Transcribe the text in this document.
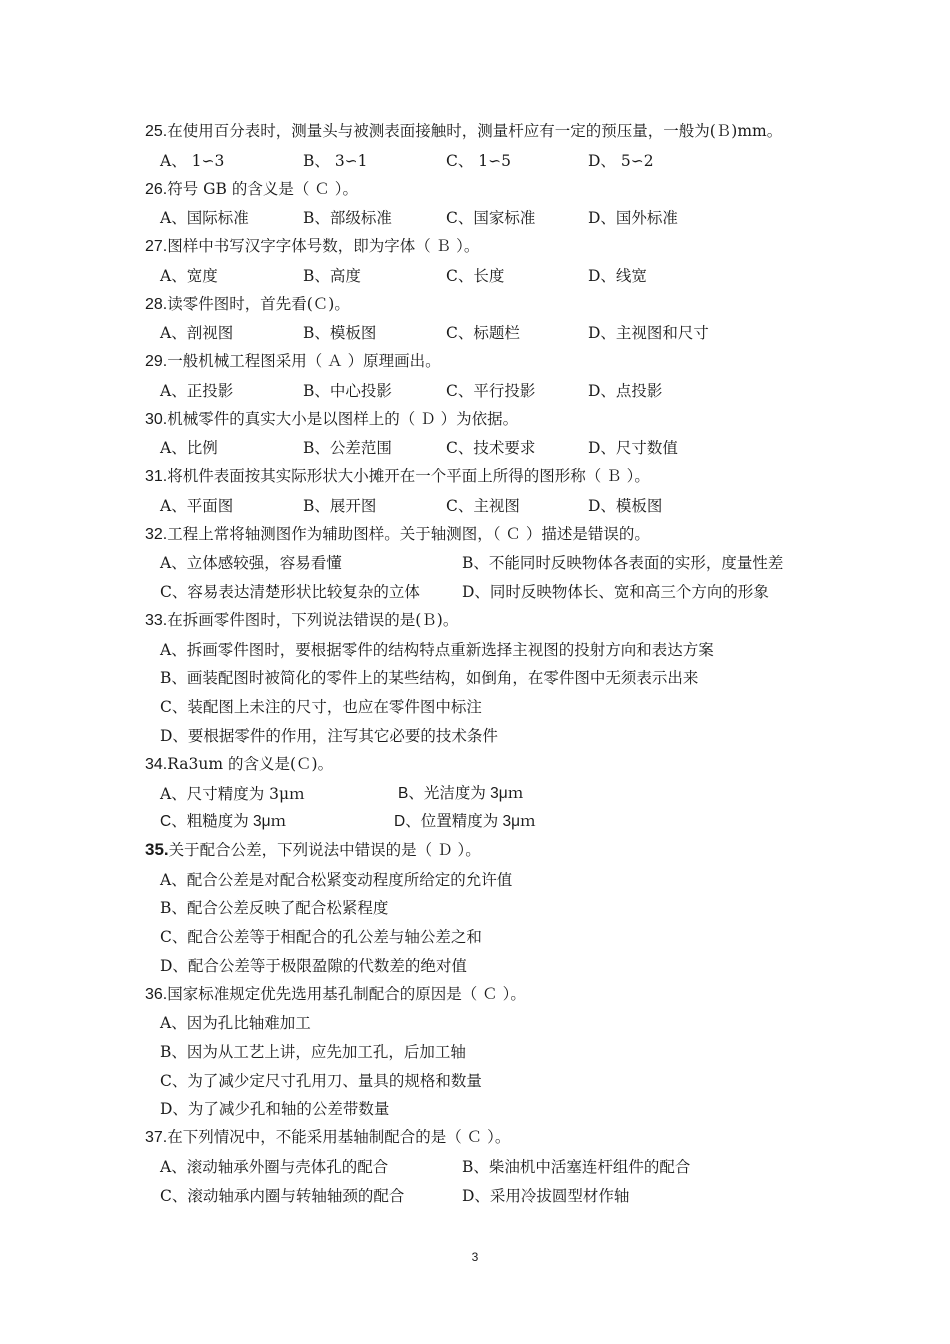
25.在使用百分表时，测量头与被测表面接触时，测量杆应有一定的预压量，一般为(Ｂ)mm。

A、 1∽3

	B、 3∽1

	C、 1∽5

	D、 5∽2

26.符号 GB 的含义是（ Ｃ ）。

A、国际标准

	B、部级标准

	C、国家标准

	D、国外标准

27.图样中书写汉字字体号数，即为字体（ Ｂ ）。

A、宽度

	B、高度

	C、长度

	D、线宽

28.读零件图时，首先看(Ｃ)。

A、剖视图

	B、模板图

	C、标题栏

	D、主视图和尺寸

29.一般机械工程图采用（ Ａ ）原理画出。

A、正投影

	B、中心投影

	C、平行投影

	D、点投影

30.机械零件的真实大小是以图样上的（ Ｄ ）为依据。

A、比例

	B、公差范围

	C、技术要求

	D、尺寸数值

31.将机件表面按其实际形状大小摊开在一个平面上所得的图形称（ Ｂ ）。

A、平面图

	B、展开图

	C、主视图

	D、模板图

32.工程上常将轴测图作为辅助图样。关于轴测图，（ Ｃ ）描述是错误的。

A、立体感较强，容易看懂

	B、不能同时反映物体各表面的实形，度量性差

C、容易表达清楚形状比较复杂的立体

	D、同时反映物体长、宽和高三个方向的形象

33.在拆画零件图时，下列说法错误的是(Ｂ)。
A、拆画零件图时，要根据零件的结构特点重新选择主视图的投射方向和表达方案
B、画装配图时被简化的零件上的某些结构，如倒角，在零件图中无须表示出来
C、装配图上未注的尺寸，也应在零件图中标注
D、要根据零件的作用，注写其它必要的技术条件
34.Ra3um 的含义是(Ｃ)。

A、尺寸精度为 3μｍ

	B、光洁度为 3μｍ

C、粗糙度为 3μｍ

	D、位置精度为 3μｍ

35.关于配合公差，下列说法中错误的是（ Ｄ ）。
A、配合公差是对配合松紧变动程度所给定的允许值
B、配合公差反映了配合松紧程度
C、配合公差等于相配合的孔公差与轴公差之和
D、配合公差等于极限盈隙的代数差的绝对值
36.国家标准规定优先选用基孔制配合的原因是（ Ｃ ）。
A、因为孔比轴难加工
B、因为从工艺上讲，应先加工孔，后加工轴
C、为了减少定尺寸孔用刀、量具的规格和数量
D、为了减少孔和轴的公差带数量
37.在下列情况中，不能采用基轴制配合的是（ Ｃ ）。

A、滚动轴承外圈与壳体孔的配合

	B、柴油机中活塞连杆组件的配合

C、滚动轴承内圈与转轴轴颈的配合

	D、采用冷拔圆型材作轴

3
